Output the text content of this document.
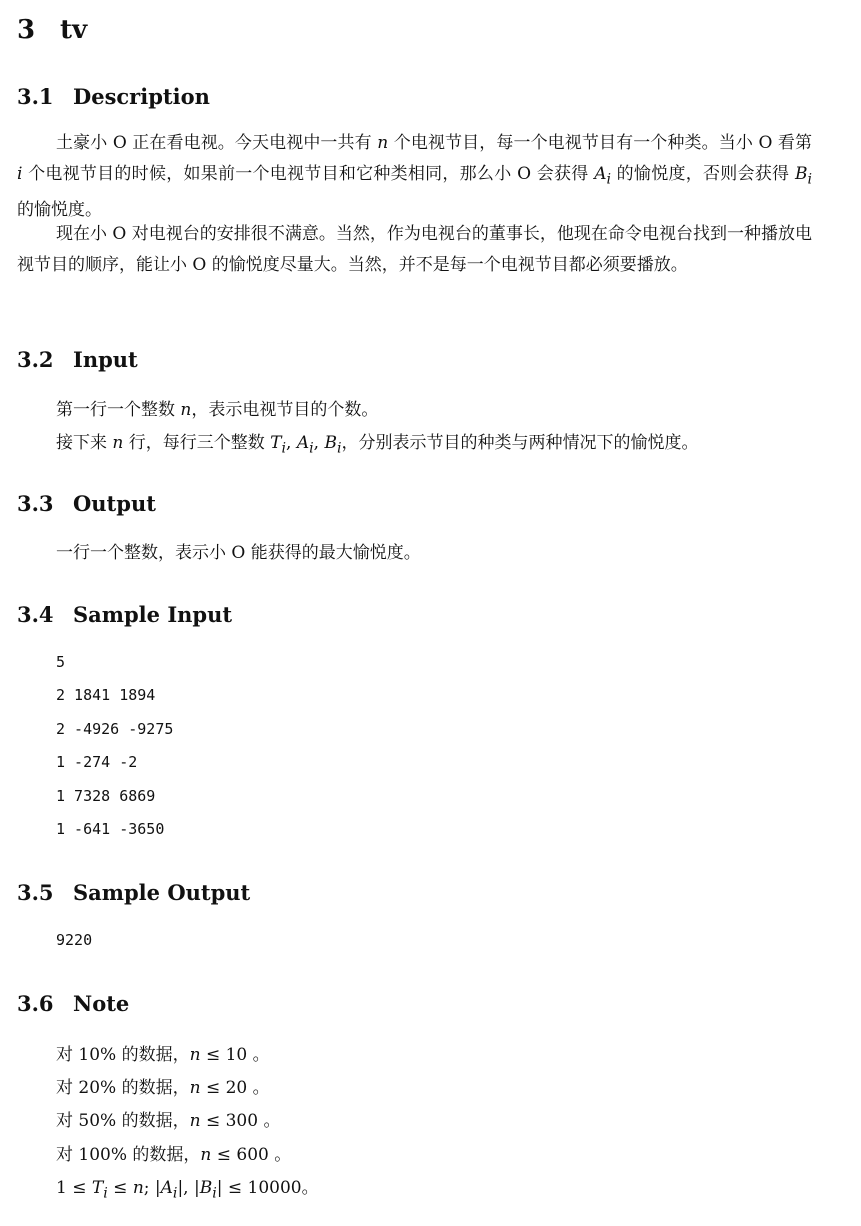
3 tv
3.1 Description
土豪小 O 正在看电视。今天电视中一共有 n 个电视节目，每一个电视节目有一个种类。当小 O 看第 i 个电视节目的时候，如果前一个电视节目和它种类相同，那么小 O 会获得 $A_i$ 的愉悦度，否则会获得 $B_i$ 的愉悦度。
现在小 O 对电视台的安排很不满意。当然，作为电视台的董事长，他现在命令电视台找到一种播放电视节目的顺序，能让小 O 的愉悦度尽量大。当然，并不是每一个电视节目都必须要播放。
3.2 Input
第一行一个整数 n，表示电视节目的个数。
接下来 n 行，每行三个整数 $T_i$, $A_i$, $B_i$，分别表示节目的种类与两种情况下的愉悦度。
3.3 Output
一行一个整数，表示小 O 能获得的最大愉悦度。
3.4 Sample Input
5
2 1841 1894
2 -4926 -9275
1 -274 -2
1 7328 6869
1 -641 -3650
3.5 Sample Output
9220
3.6 Note
对 10% 的数据，n ≤ 10 。
对 20% 的数据，n ≤ 20 。
对 50% 的数据，n ≤ 300 。
对 100% 的数据，n ≤ 600 。
$1 \le T_i \le n$; $|A_i|$, $|B_i| \le 10000$。
